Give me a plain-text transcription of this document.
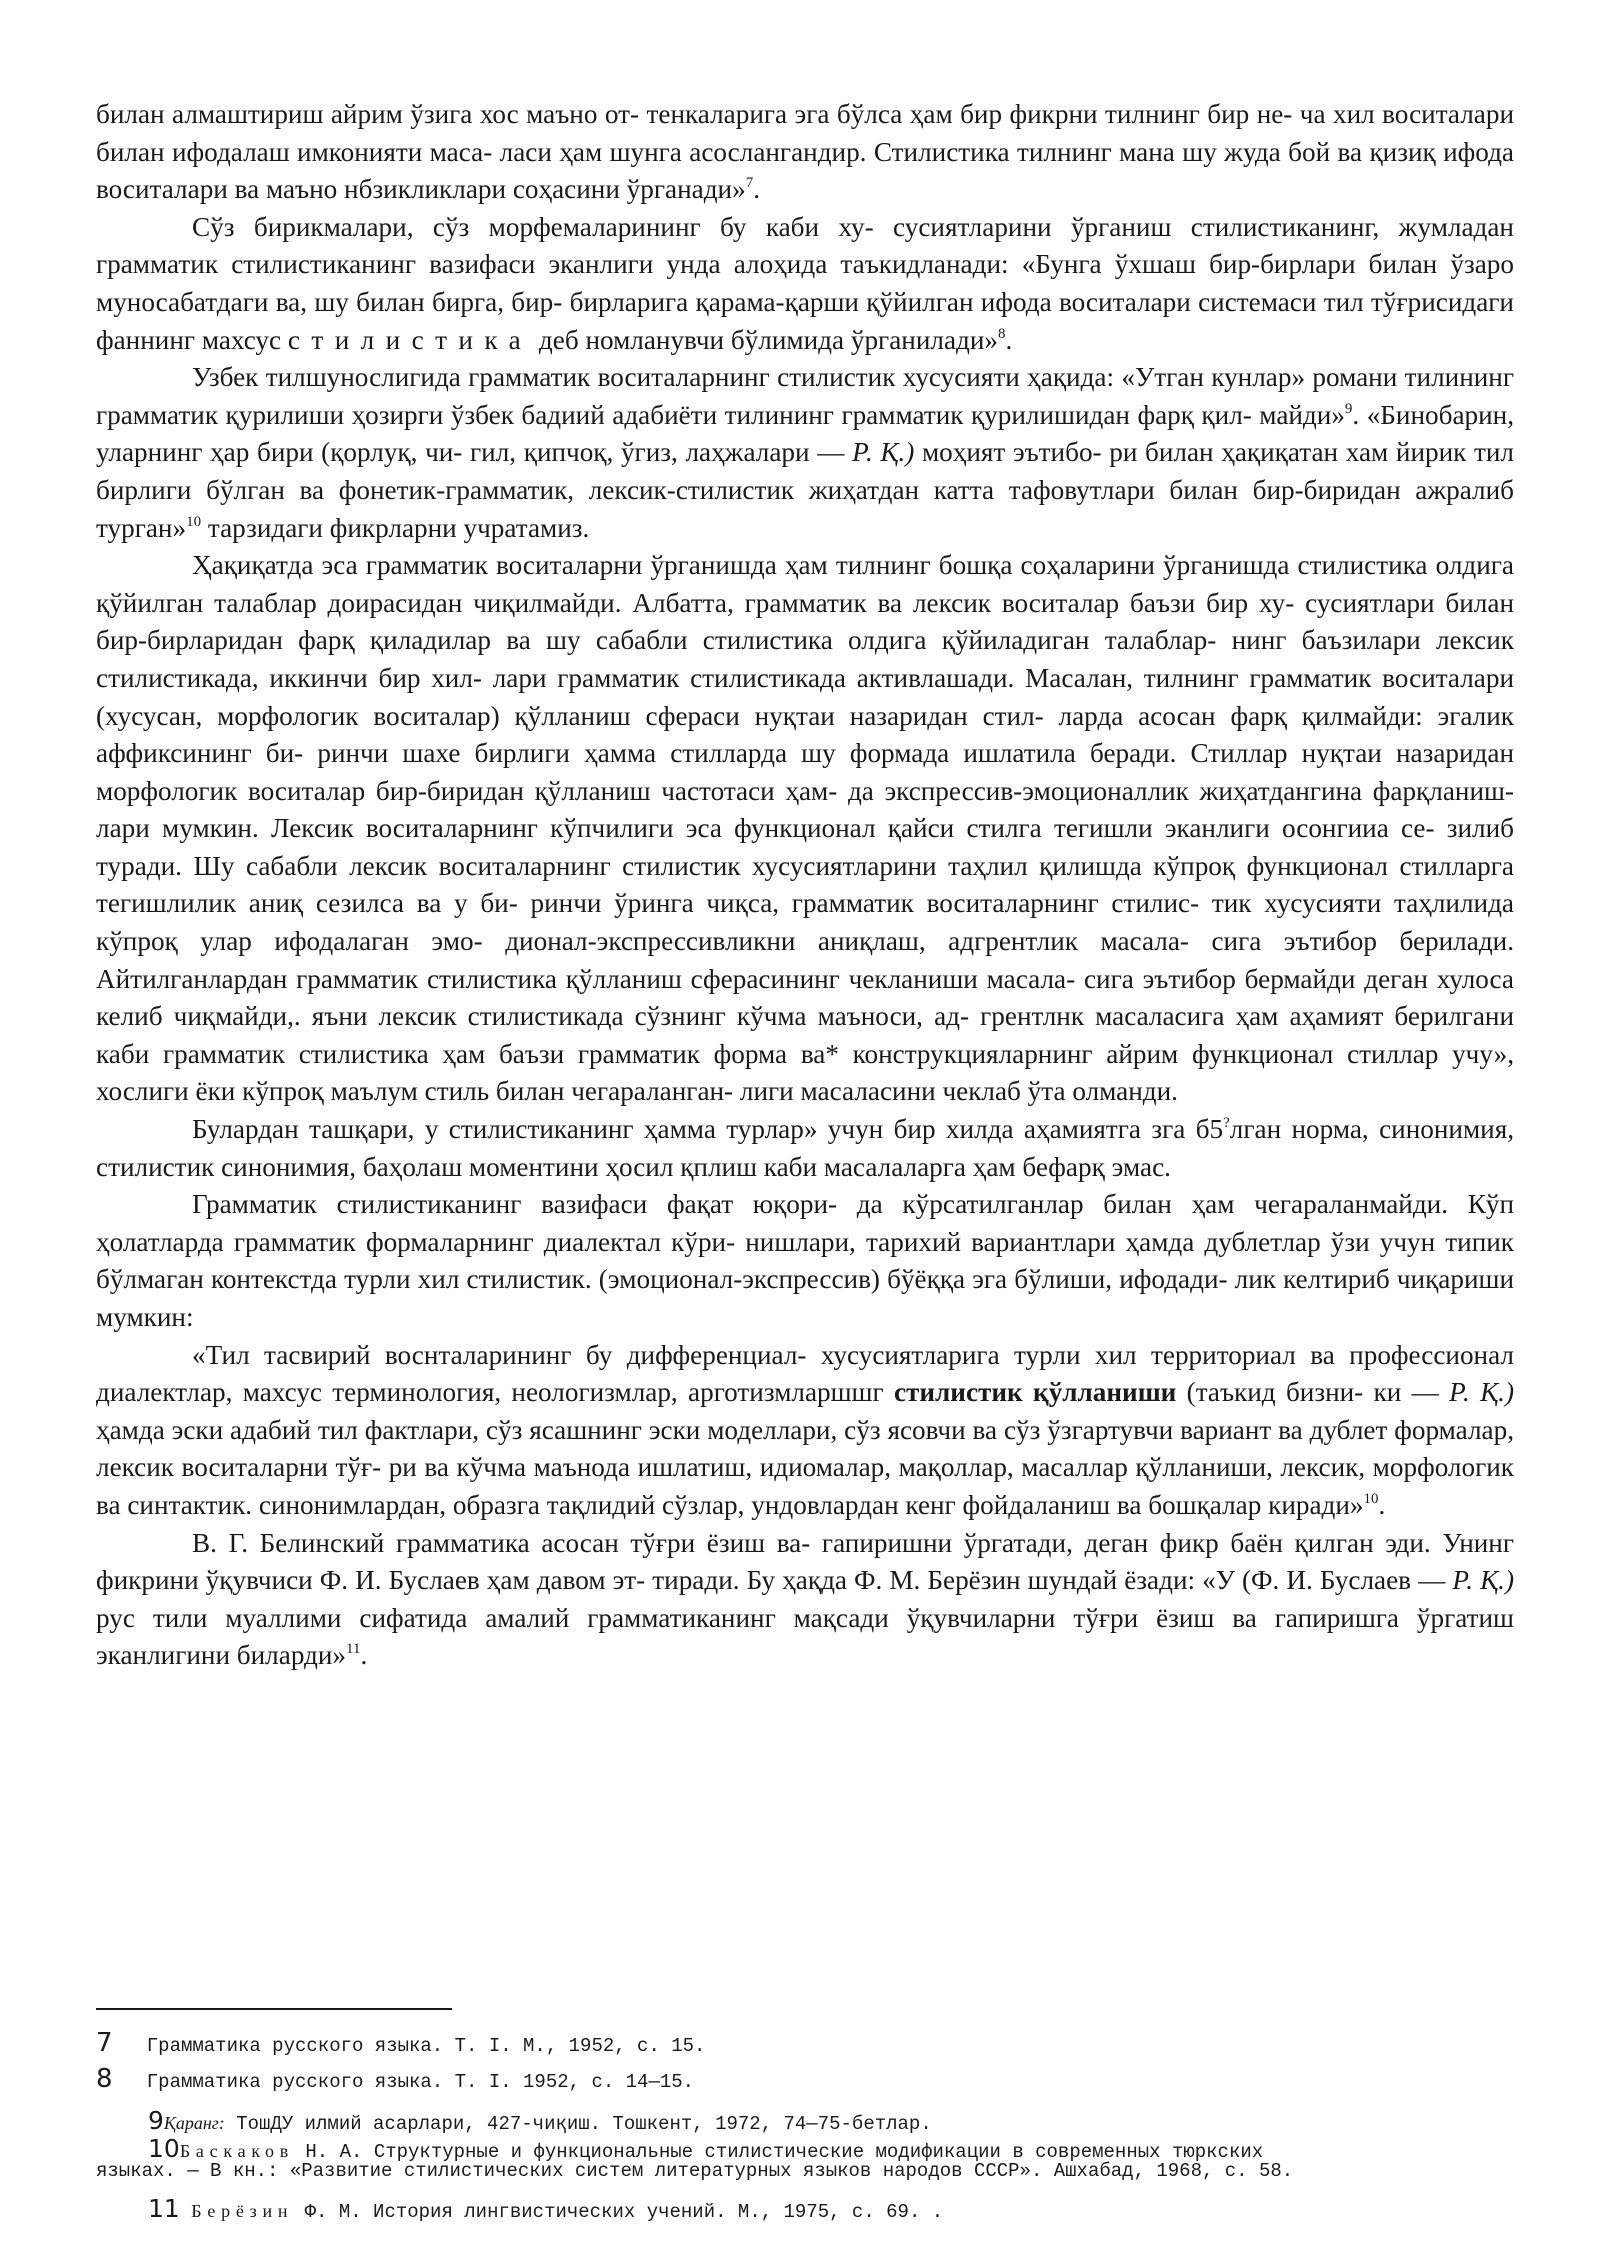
билан алмаштириш айрим ўзига хос маъно от- тенкаларига эга бўлса ҳам бир фикрни тилнинг бир не- ча хил воситалари билан ифодалаш имконияти маса- ласи ҳам шунга асослангандир. Стилистика тилнинг мана шу жуда бой ва қизиқ ифода воситалари ва маъно нбзикликлари соҳасини ўрганади»$^7$.

Сўз бирикмалари, сўз морфемаларининг бу каби ху- сусиятларини ўрганиш стилистиканинг, жумладан грамматик стилистиканинг вазифаси эканлиги унда алоҳида таъкидланади: «Бунга ўхшаш бир-бирлари билан ўзаро муносабатдаги ва, шу билан бирга, бир- бирларига қарама-қарши қўйилган ифода воситалари системаси тил тўғрисидаги фаннинг махсус стилистика деб номланувчи бўлимида ўрганилади»$^8$.

Узбек тилшунослигида грамматик воситаларнинг стилистик хусусияти ҳақида: «Утган кунлар» романи тилининг грамматик қурилиши ҳозирги ўзбек бадиий адабиёти тилининг грамматик қурилишидан фарқ қил- майди»$^9$. «Бинобарин, уларнинг ҳар бири (қорлуқ, чи- гил, қипчоқ, ўгиз, лаҳжалари — Р. Қ.) моҳият эътибо- ри билан ҳақиқатан хам йирик тил бирлиги бўлган ва фонетик-грамматик, лексик-стилистик жиҳатдан катта тафовутлари билан бир-биридан ажралиб турган»$^{10}$ тарзидаги фикрларни учратамиз.

Ҳақиқатда эса грамматик воситаларни ўрганишда ҳам тилнинг бошқа соҳаларини ўрганишда стилистика олдига қўйилган талаблар доирасидан чиқилмайди. Албатта, грамматик ва лексик воситалар баъзи бир ху- сусиятлари билан бир-бирларидан фарқ қиладилар ва шу сабабли стилистика олдига қўйиладиган талаблар- нинг баъзилари лексик стилистикада, иккинчи бир хил- лари грамматик стилистикада активлашади. Масалан, тилнинг грамматик воситалари (хусусан, морфологик воситалар) қўлланиш сфераси нуқтаи назаридан стил- ларда асосан фарқ қилмайди: эгалик аффиксининг би- ринчи шахе бирлиги ҳамма стилларда шу формада ишлатила беради. Стиллар нуқтаи назаридан морфологик воситалар бир-биридан қўлланиш частотаси ҳам- да экспрессив-эмоционаллик жиҳатдангина фарқланиш- лари мумкин. Лексик воситаларнинг кўпчилиги эса функционал қайси стилга тегишли эканлиги осонгииа се- зилиб туради. Шу сабабли лексик воситаларнинг стилистик хусусиятларини таҳлил қилишда кўпроқ функционал стилларга тегишлилик аниқ сезилса ва у би- ринчи ўринга чиқса, грамматик воситаларнинг стилис- тик хусусияти таҳлилида кўпроқ улар ифодалаган эмо- дионал-экспрессивликни аниқлаш, адгрентлик масала- сига эътибор берилади. Айтилганлардан грамматик стилистика қўлланиш сферасининг чекланиши масала- сига эътибор бермайди деган хулоса келиб чиқмайди,. яъни лексик стилистикада сўзнинг кўчма маъноси, ад- грентлнк масаласига ҳам аҳамият берилгани каби грамматик стилистика ҳам баъзи грамматик форма ва* конструкцияларнинг айрим функционал стиллар учу», хослиги ёки кўпроқ маълум стиль билан чегараланган- лиги масаласини чеклаб ўта олманди.

Булардан ташқари, у стилистиканинг ҳамма турлар» учун бир хилда аҳамиятга зга б5?лган норма, синонимия, стилистик синонимия, баҳолаш моментини ҳосил қплиш каби масалаларга ҳам бефарқ эмас.

Грамматик стилистиканинг вазифаси фақат юқори- да кўрсатилганлар билан ҳам чегараланмайди. Кўп ҳолатларда грамматик формаларнинг диалектал кўри- нишлари, тарихий вариантлари ҳамда дублетлар ўзи учун типик бўлмаган контекстда турли хил стилистик. (эмоционал-экспрессив) бўёққа эга бўлиши, ифодади- лик келтириб чиқариши мумкин:

«Тил тасвирий воснталарининг бу дифференциал- хусусиятларига турли хил территориал ва профессионал диалектлар, махсус терминология, неологизмлар, арготизмларшшг стилистик қўлланиши (таъкид бизни- ки — Р. Қ.) ҳамда эски адабий тил фактлари, сўз ясашнинг эски моделлари, сўз ясовчи ва сўз ўзгартувчи вариант ва дублет формалар, лексик воситаларни тўғ- ри ва кўчма маънода ишлатиш, идиомалар, мақоллар, масаллар қўлланиши, лексик, морфологик ва синтактик. синонимлардан, образга тақлидий сўзлар, ундовлардан кенг фойдаланиш ва бошқалар киради»$^{10}$.

В. Г. Белинский грамматика асосан тўғри ёзиш ва- гапиришни ўргатади, деган фикр баён қилган эди. Унинг фикрини ўқувчиси Ф. И. Буслаев ҳам давом эт- тиради. Бу ҳақда Ф. М. Берёзин шундай ёзади: «У (Ф. И. Буслаев — Р. Қ.) рус тили муаллими сифатида амалий грамматиканинг мақсади ўқувчиларни тўғри ёзиш ва гапиришга ўргатиш эканлигини биларди»$^{11}$.

7 Грамматика русского языка. Т. I. М., 1952, с. 15.
8 Грамматика русского языка. Т. I. 1952, с. 14—15.
9Қаранг: ТошДУ илмий асарлари, 427-чиқиш. Тошкент, 1972, 74—75-бетлар.
10Баскаков Н. А. Структурные и функциональные стилистические модификации в современных тюркских
языках. — В кн.: «Развитие стилистических систем литературных языков народов СССР». Ашхабад, 1968, с. 58.
11 Берёзин Ф. М. История лингвистических учений. М., 1975, с. 69. .
